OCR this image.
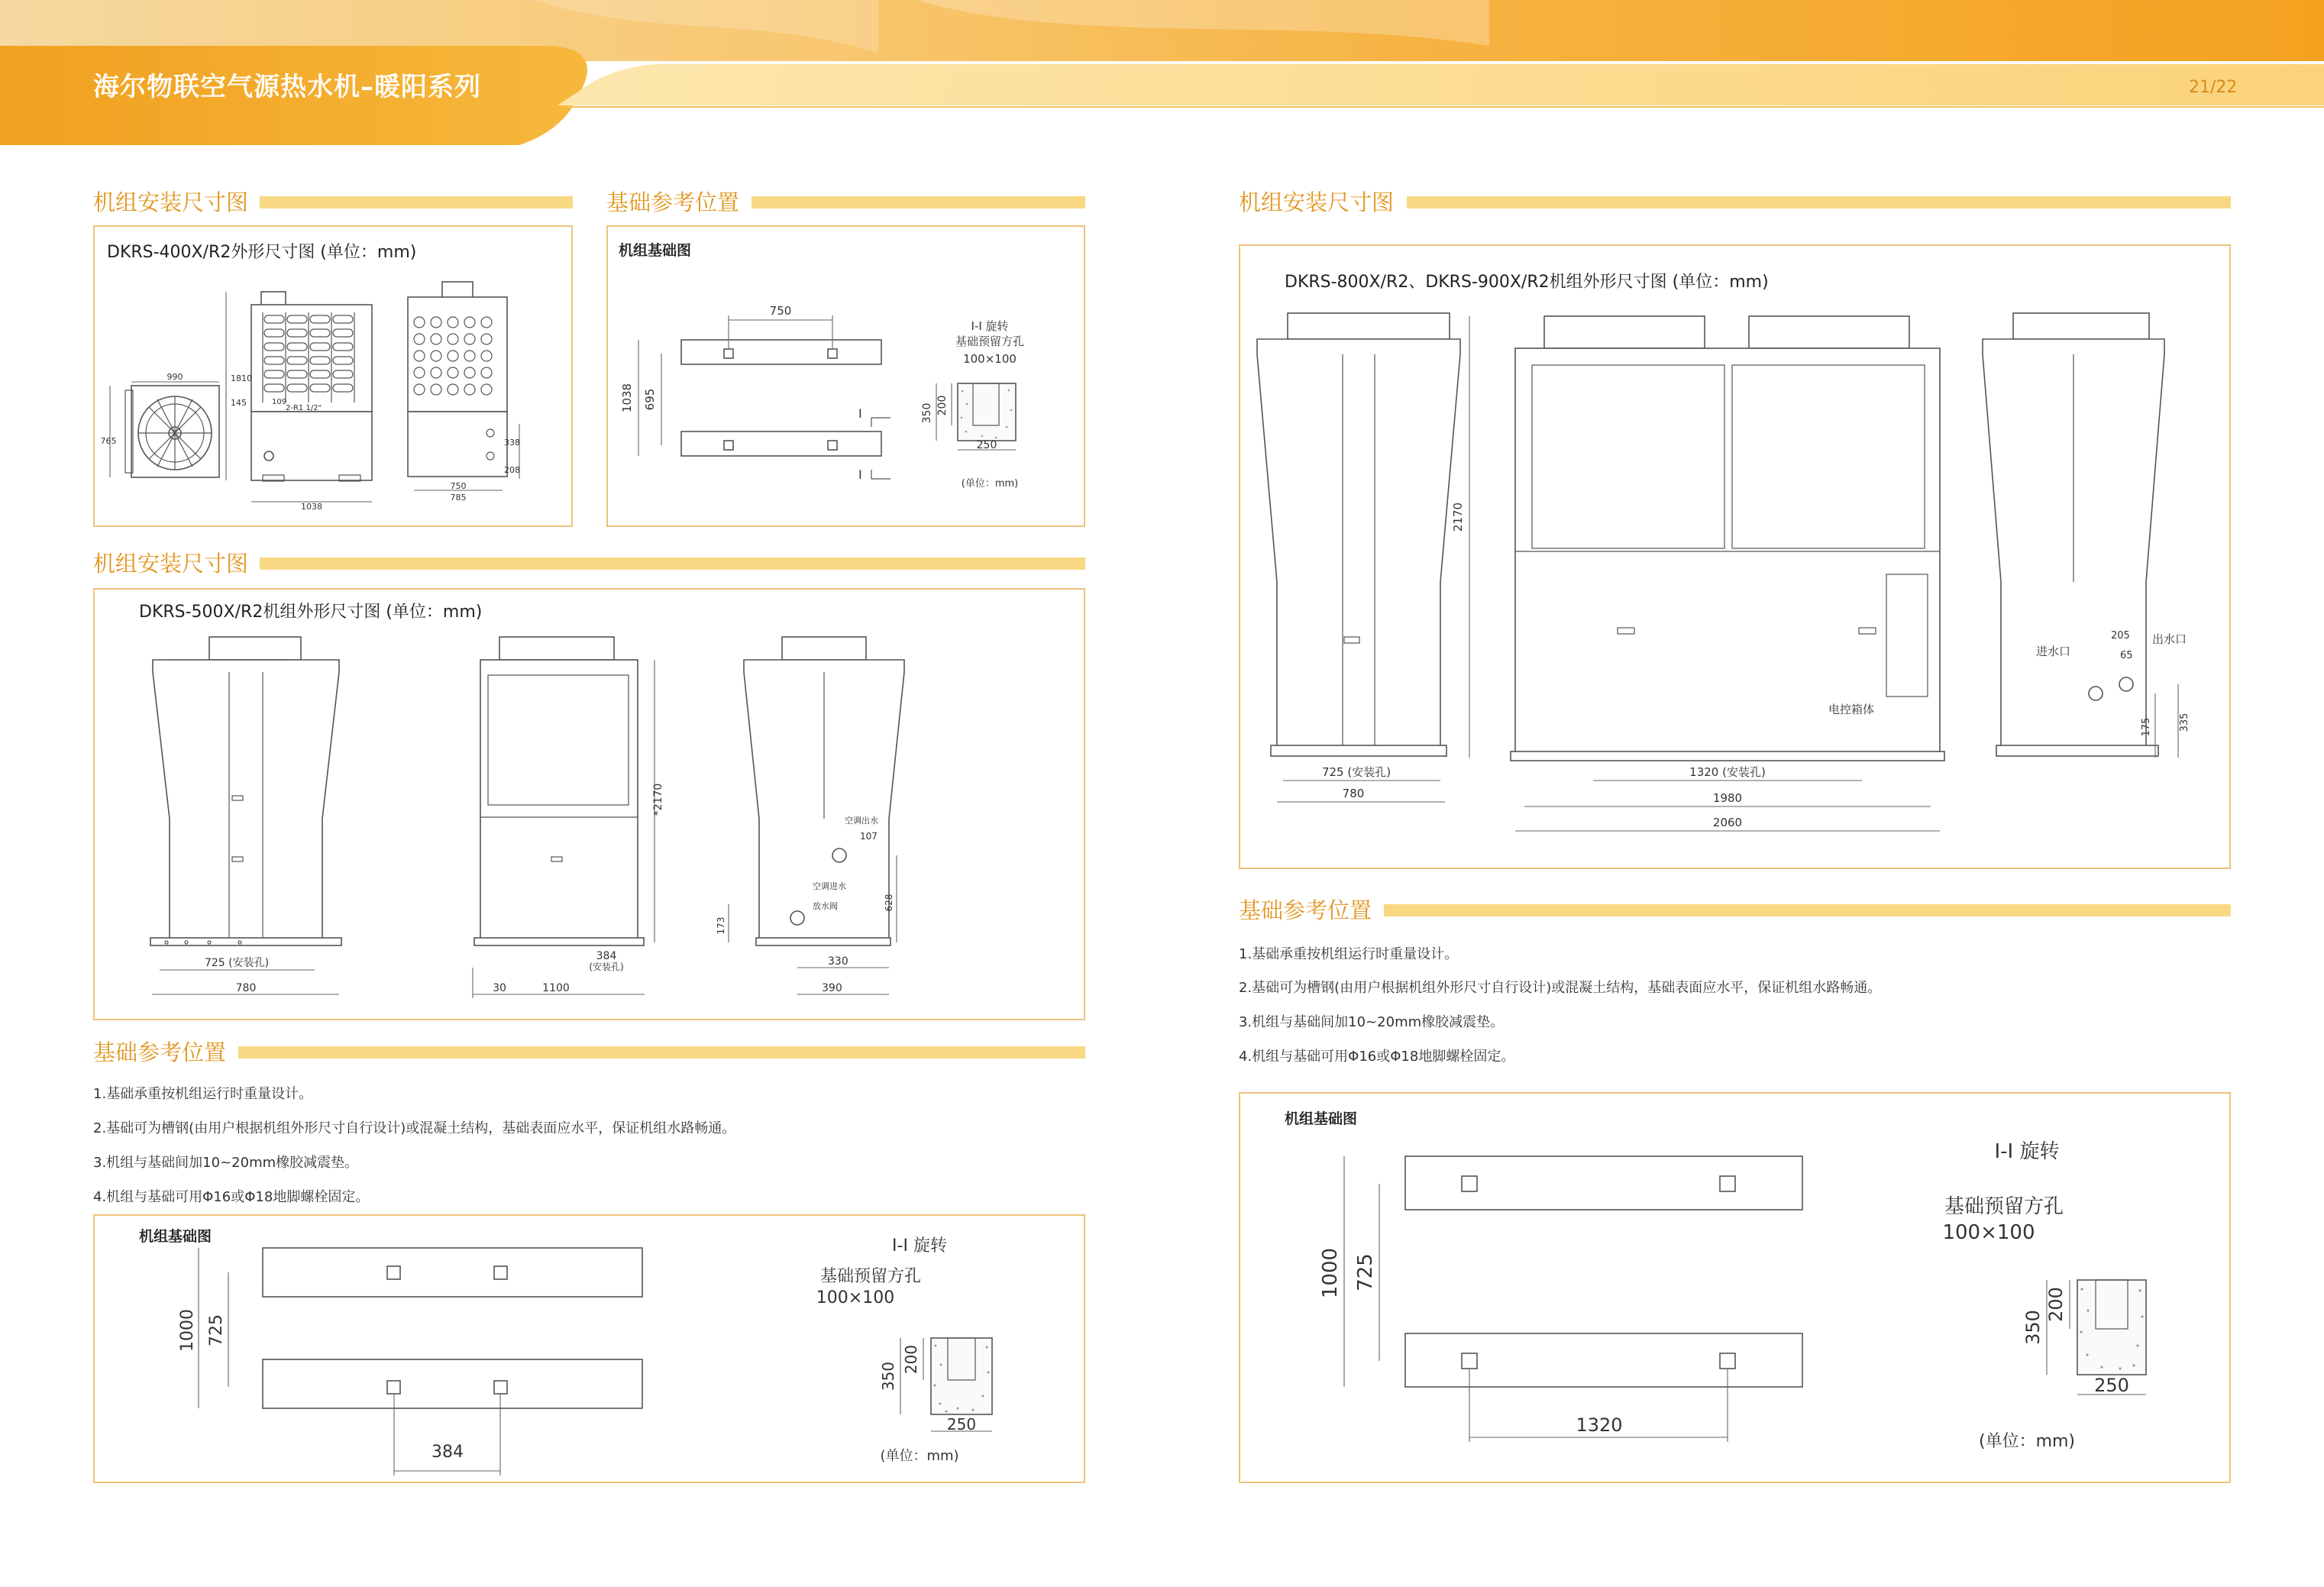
海尔物联空气源热水机–暖阳系列	21/22
机组安装尺寸图
DKRS-400X/R2外形尺寸图 (单位：mm)
990
765
109
2-R1 1/2"
1810
145
1038
338
208
750
785
基础参考位置
机组基础图
750
1038 695
I
I
I-I 旋转
基础预留方孔
100×100
350 200
250
(单位：mm)
机组安装尺寸图
DKRS-500X/R2机组外形尺寸图 (单位：mm)
725 (安装孔)
780
*2170
30	1100
384
(安装孔)
空调出水
107
空调进水
放水阀	628
173
330
390
基础参考位置
1.基础承重按机组运行时重量设计。
2.基础可为槽钢(由用户根据机组外形尺寸自行设计)或混凝土结构，基础表面应水平，保证机组水路畅通。
3.机组与基础间加10~20mm橡胶减震垫。
4.机组与基础可用Φ16或Φ18地脚螺栓固定。
机组基础图
1000 725
384
I-I 旋转
基础预留方孔
100×100
350
200
250
(单位：mm)
机组安装尺寸图
DKRS-800X/R2、DKRS-900X/R2机组外形尺寸图 (单位：mm)
725 (安装孔)
780
电控箱体
2170
1320 (安装孔)
1980
2060
进水口
出水口
205
65
175	335
基础参考位置
1.基础承重按机组运行时重量设计。
2.基础可为槽钢(由用户根据机组外形尺寸自行设计)或混凝土结构，基础表面应水平，保证机组水路畅通。
3.机组与基础间加10~20mm橡胶减震垫。
4.机组与基础可用Φ16或Φ18地脚螺栓固定。
机组基础图
1000 725
1320
I-I 旋转
基础预留方孔
100×100
350
200
250
(单位：mm)
